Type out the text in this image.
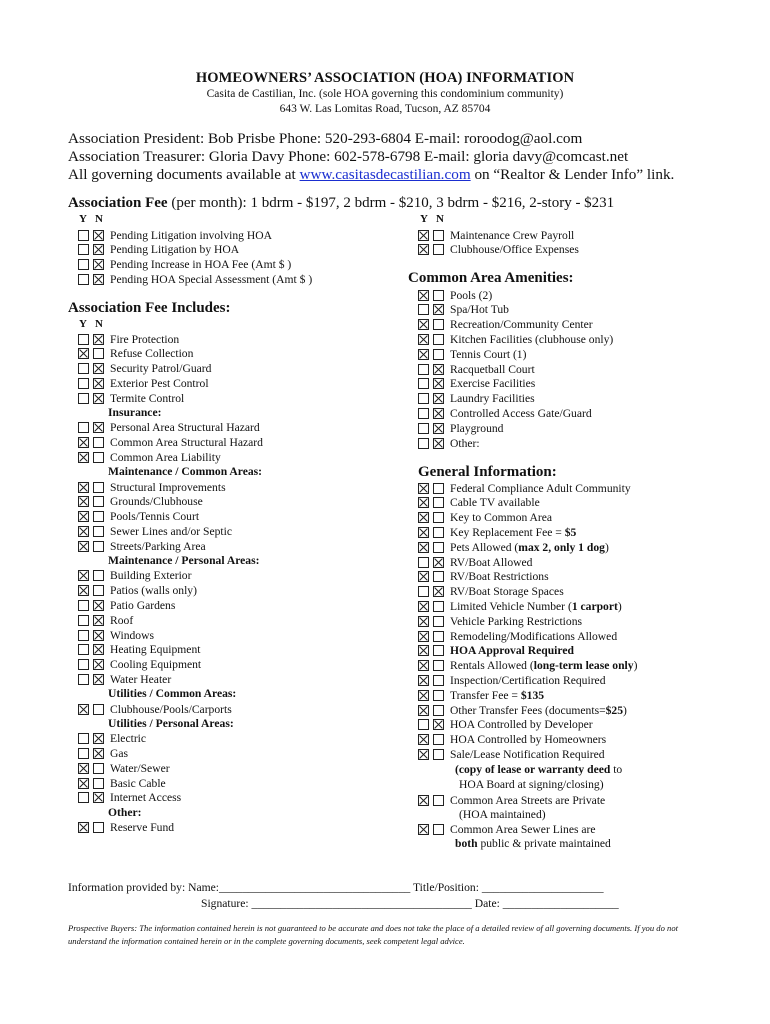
HOMEOWNERS’ ASSOCIATION (HOA) INFORMATION
Casita de Castilian, Inc. (sole HOA governing this condominium community)
643 W. Las Lomitas Road, Tucson, AZ 85704
Association President: Bob Prisbe Phone: 520-293-6804 E-mail: roroodog@aol.com
Association Treasurer: Gloria Davy Phone: 602-578-6798 E-mail: gloria davy@comcast.net
All governing documents available at www.casitasdecastilian.com on “Realtor & Lender Info” link.
Association Fee (per month): 1 bdrm - $197, 2 bdrm - $210, 3 bdrm - $216, 2-story - $231
YN	YN
Pending Litigation involving HOA
Pending Litigation by HOA
Pending Increase in HOA Fee (Amt $ )
Pending HOA Special Assessment (Amt $ )
Maintenance Crew Payroll
Clubhouse/Office Expenses
Common Area Amenities:
Pools (2)
Spa/Hot Tub
Recreation/Community Center
Kitchen Facilities (clubhouse only)
Tennis Court (1)
Racquetball Court
Exercise Facilities
Laundry Facilities
Controlled Access Gate/Guard
Playground
Other:
Association Fee Includes:
YN
Fire Protection
Refuse Collection
Security Patrol/Guard
Exterior Pest Control
Termite Control
Insurance:
Personal Area Structural Hazard
Common Area Structural Hazard
Common Area Liability
Maintenance / Common Areas:
Structural Improvements
Grounds/Clubhouse
Pools/Tennis Court
Sewer Lines and/or Septic
Streets/Parking Area
Maintenance / Personal Areas:
Building Exterior
Patios (walls only)
Patio Gardens
Roof
Windows
Heating Equipment
Cooling Equipment
Water Heater
Utilities / Common Areas:
Clubhouse/Pools/Carports
Utilities / Personal Areas:
Electric
Gas
Water/Sewer
Basic Cable
Internet Access
Other:
Reserve Fund
General Information:
Federal Compliance Adult Community
Cable TV available
Key to Common Area
Key Replacement Fee = $5
Pets Allowed (max 2, only 1 dog)
RV/Boat Allowed
RV/Boat Restrictions
RV/Boat Storage Spaces
Limited Vehicle Number (1 carport)
Vehicle Parking Restrictions
Remodeling/Modifications Allowed
HOA Approval Required
Rentals Allowed (long-term lease only)
Inspection/Certification Required
Transfer Fee = $135
Other Transfer Fees (documents=$25)
HOA Controlled by Developer
HOA Controlled by Homeowners
Sale/Lease Notification Required
(copy of lease or warranty deed to
HOA Board at signing/closing)
Common Area Streets are Private
(HOA maintained)
Common Area Sewer Lines are
both public & private maintained
Information provided by: Name:_________________________________ Title/Position: _____________________
Signature: ______________________________________ Date: ____________________
Prospective Buyers: The information contained herein is not guaranteed to be accurate and does not take the place of a detailed review of all governing documents. If you do not understand the information contained herein or in the complete governing documents, seek competent legal advice.
